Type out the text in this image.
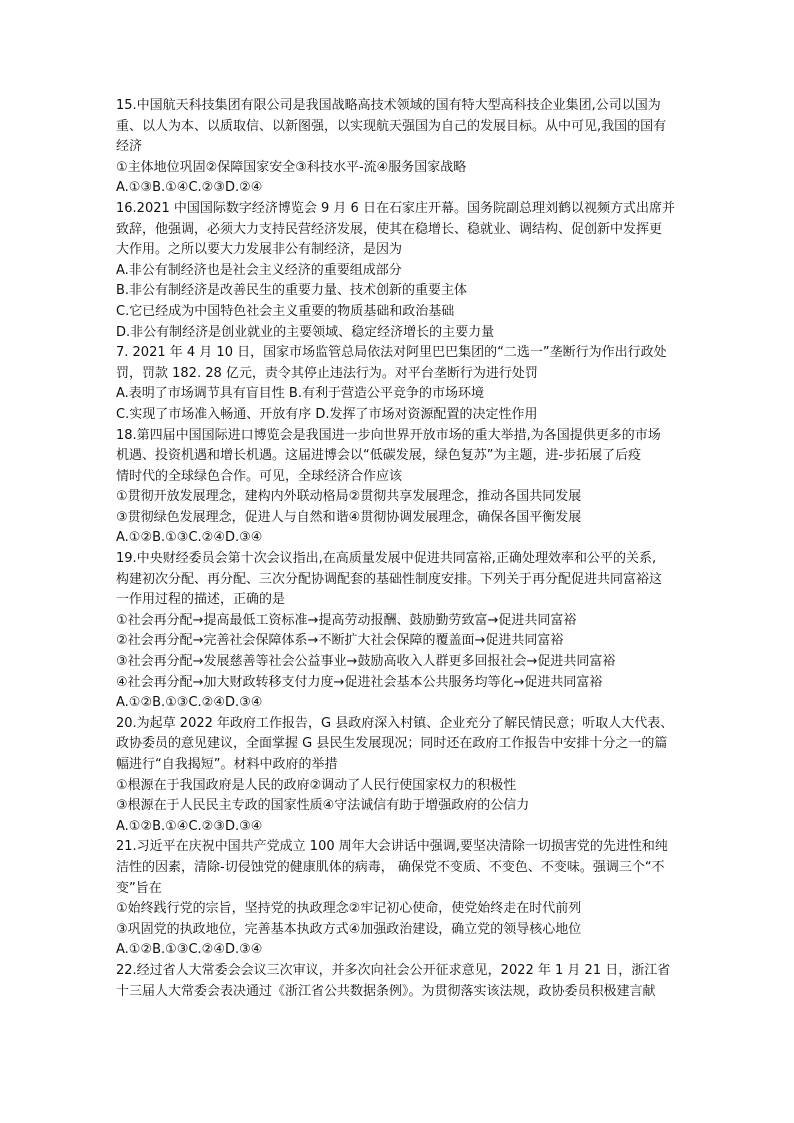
15.中国航天科技集团有限公司是我国战略高技术领域的国有特大型高科技企业集团,公司以国为
重、以人为本、以质取信、以新图强，以实现航天强国为自己的发展目标。从中可见,我国的国有
经济
①主体地位巩固②保障国家安全③科技水平-流④服务国家战略
A.①③B.①④C.②③D.②④
16.2021 中国国际数字经济博览会 9 月 6 日在石家庄开幕。国务院副总理刘鹤以视频方式出席并
致辞，他强调，必须大力支持民营经济发展，使其在稳增长、稳就业、调结构、促创新中发挥更
大作用。之所以要大力发展非公有制经济，是因为
A.非公有制经济也是社会主义经济的重要组成部分
B.非公有制经济是改善民生的重要力量、技术创新的重要主体
C.它已经成为中国特色社会主义重要的物质基础和政治基础
D.非公有制经济是创业就业的主要领域、稳定经济增长的主要力量
7. 2021 年 4 月 10 日，国家市场监管总局依法对阿里巴巴集团的“二选一”垄断行为作出行政处
罚，罚款 182. 28 亿元，责令其停止违法行为。对平台垄断行为进行处罚
A.表明了市场调节具有盲目性 B.有利于营造公平竞争的市场环境
C.实现了市场准入畅通、开放有序 D.发挥了市场对资源配置的决定性作用
18.第四届中国国际进口博览会是我国进一步向世界开放市场的重大举措,为各国提供更多的市场
机遇、投资机遇和增长机遇。这届进博会以“低碳发展，绿色复苏”为主题，进-步拓展了后疫
情时代的全球绿色合作。可见，全球经济合作应该
①贯彻开放发展理念，建构内外联动格局②贯彻共享发展理念，推动各国共同发展
③贯彻绿色发展理念，促进人与自然和谐④贯彻协调发展理念，确保各国平衡发展
A.①②B.①③C.②④D.③④
19.中央财经委员会第十次会议指出,在高质量发展中促进共同富裕,正确处理效率和公平的关系,
构建初次分配、再分配、三次分配协调配套的基础性制度安排。下列关于再分配促进共同富裕这
一作用过程的描述，正确的是
①社会再分配→提高最低工资标准→提高劳动报酬、鼓励勤劳致富→促进共同富裕
②社会再分配→完善社会保障体系→不断扩大社会保障的覆盖面→促进共同富裕
③社会再分配→发展慈善等社会公益事业→鼓励高收入人群更多回报社会→促进共同富裕
④社会再分配→加大财政转移支付力度→促进社会基本公共服务均等化→促进共同富裕
A.①②B.①③C.②④D.③④
20.为起草 2022 年政府工作报告，G 县政府深入村镇、企业充分了解民情民意；听取人大代表、
政协委员的意见建议，全面掌握 G 县民生发展现况；同时还在政府工作报告中安排十分之一的篇
幅进行“自我揭短”。材料中政府的举措
①根源在于我国政府是人民的政府②调动了人民行使国家权力的积极性
③根源在于人民民主专政的国家性质④守法诚信有助于增强政府的公信力
A.①②B.①④C.②③D.③④
21.习近平在庆祝中国共产党成立 100 周年大会讲话中强调,要坚决清除一切损害党的先进性和纯
洁性的因素，清除-切侵蚀党的健康肌体的病毒， 确保党不变质、不变色、不变味。强调三个“不
变”旨在
①始终践行党的宗旨，坚持党的执政理念②牢记初心使命，使党始终走在时代前列
③巩固党的执政地位，完善基本执政方式④加强政治建设，确立党的领导核心地位
A.①②B.①③C.②④D.③④
22.经过省人大常委会会议三次审议，并多次向社会公开征求意见，2022 年 1 月 21 日，浙江省
十三届人大常委会表决通过《浙江省公共数据条例》。为贯彻落实该法规，政协委员积极建言献
